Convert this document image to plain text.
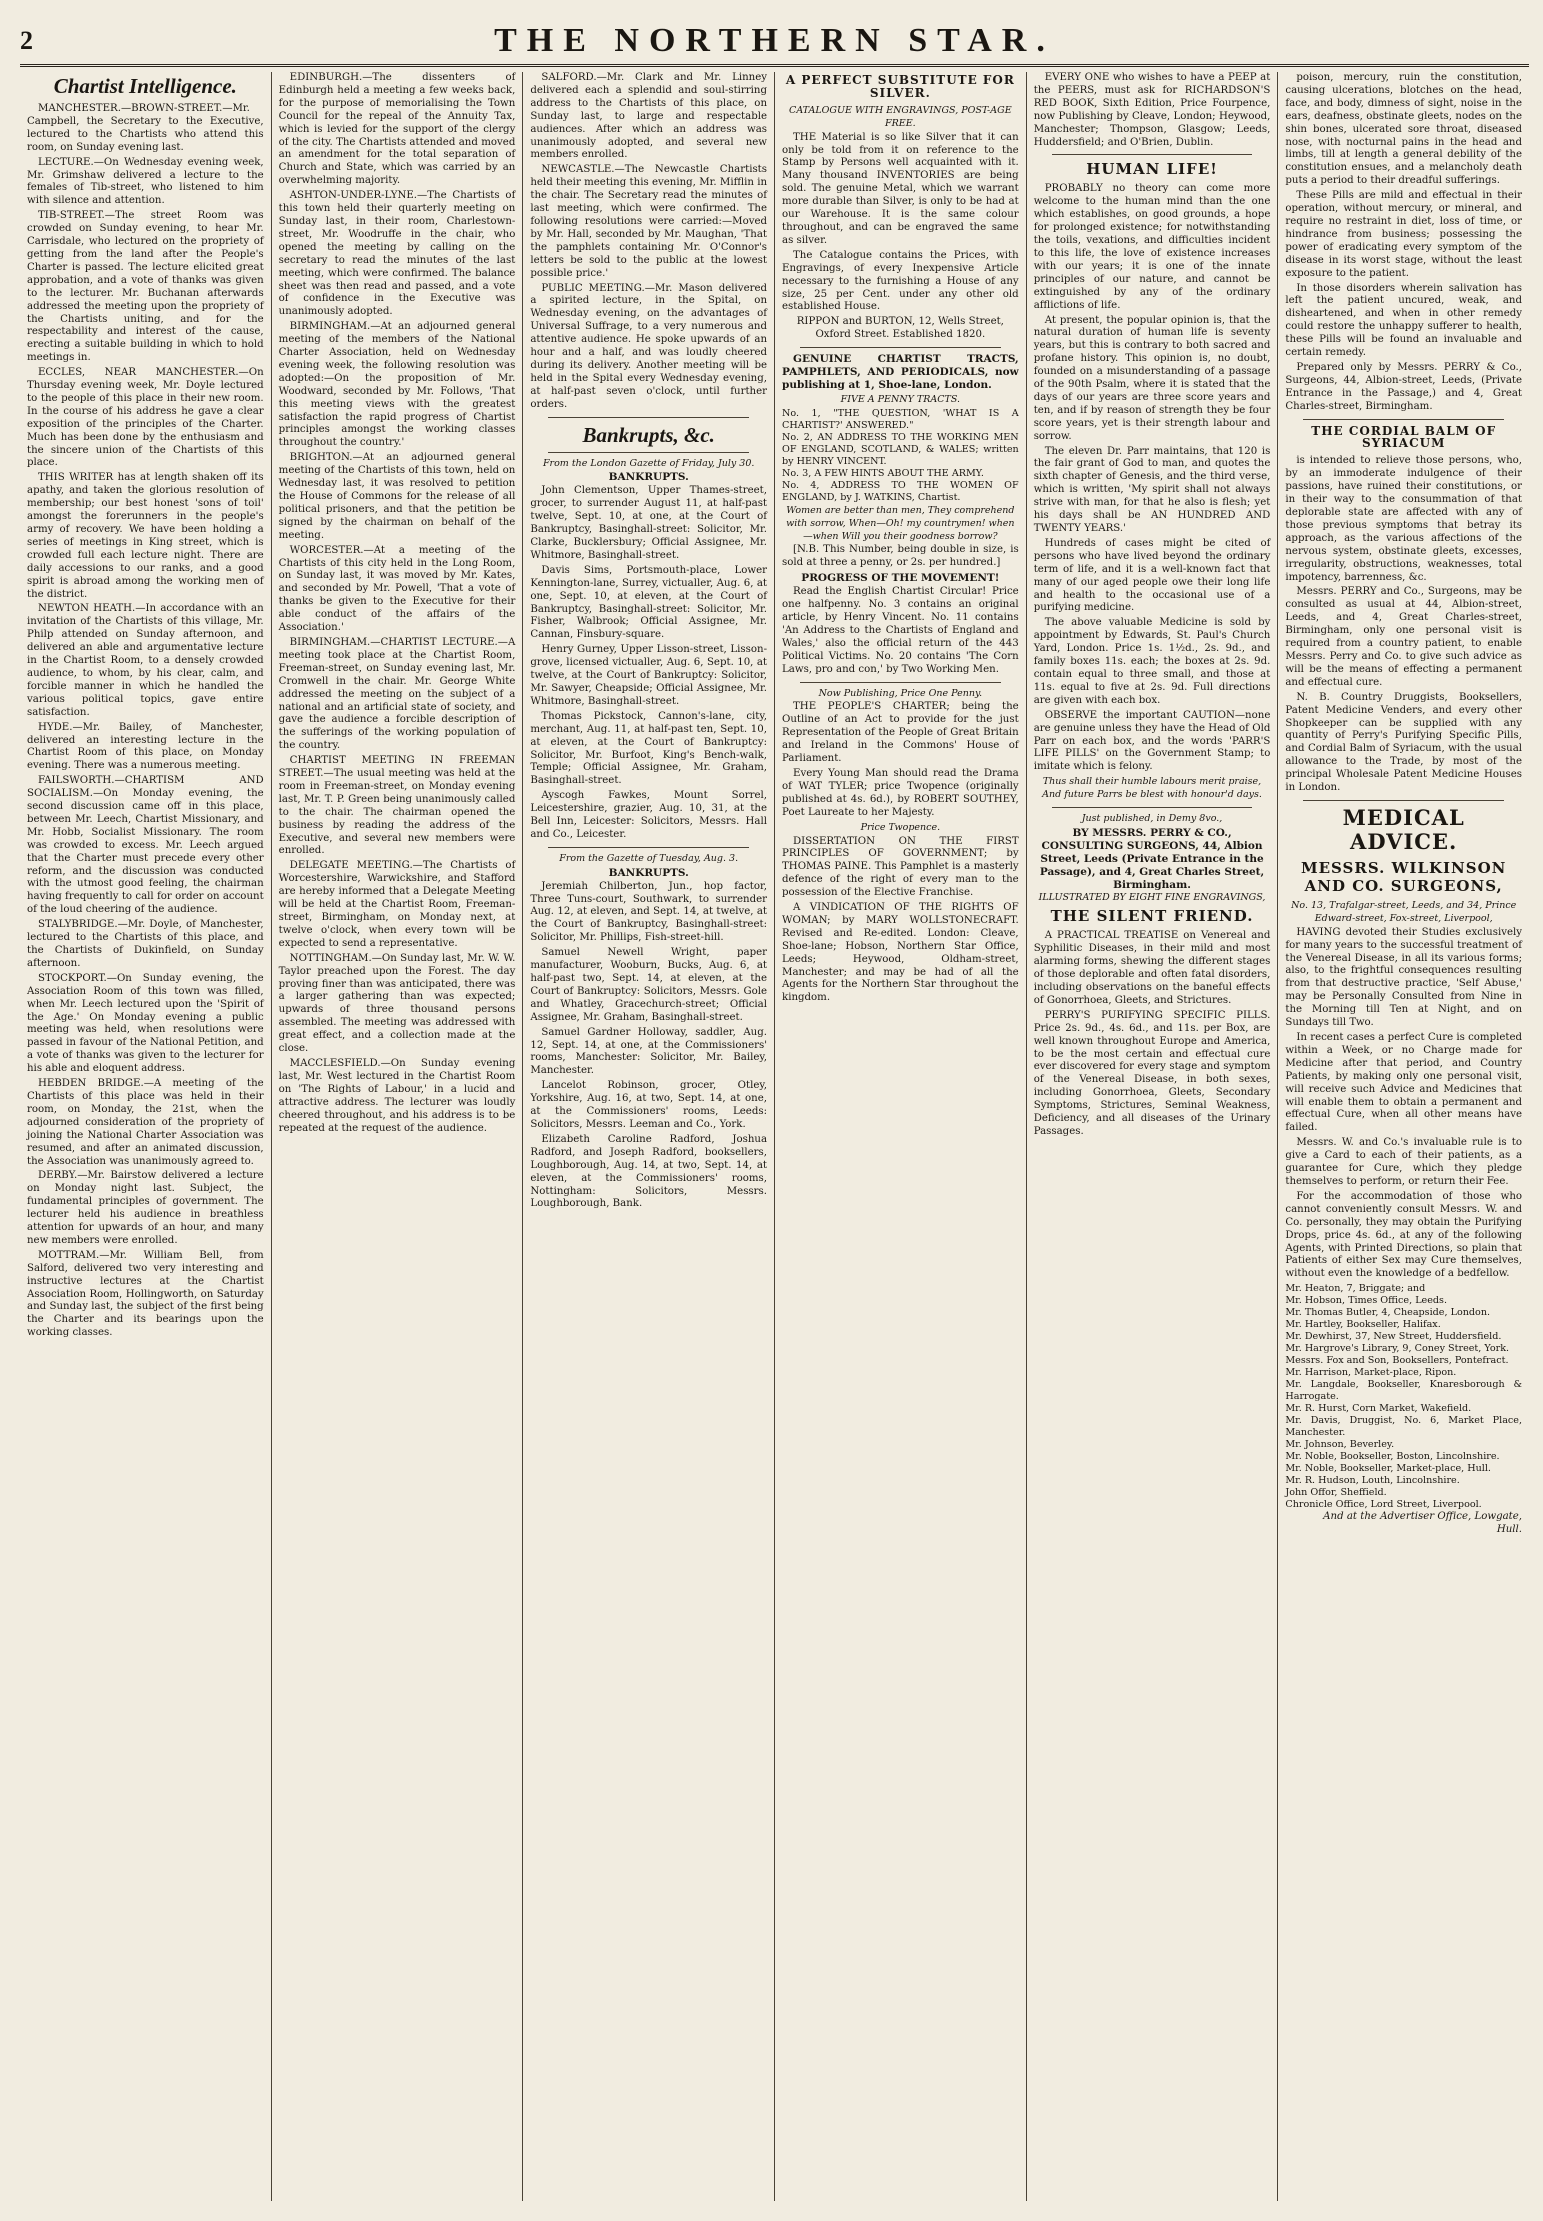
2	THE NORTHERN STAR.
Chartist Intelligence.

MANCHESTER.—BROWN-STREET.—Mr. Campbell, the Secretary to the Executive, lectured to the Chartists who attend this room, on Sunday evening last.

LECTURE.—On Wednesday evening week, Mr. Grimshaw delivered a lecture to the females of Tib-street, who listened to him with silence and attention.

TIB-STREET.—The street Room was crowded on Sunday evening, to hear Mr. Carrisdale, who lectured on the propriety of getting from the land after the People's Charter is passed. The lecture elicited great approbation, and a vote of thanks was given to the lecturer. Mr. Buchanan afterwards addressed the meeting upon the propriety of the Chartists uniting, and for the respectability and interest of the cause, erecting a suitable building in which to hold meetings in.

ECCLES, NEAR MANCHESTER.—On Thursday evening week, Mr. Doyle lectured to the people of this place in their new room. In the course of his address he gave a clear exposition of the principles of the Charter. Much has been done by the enthusiasm and the sincere union of the Chartists of this place.

THIS WRITER has at length shaken off its apathy, and taken the glorious resolution of membership; our best honest 'sons of toil' amongst the forerunners in the people's army of recovery. We have been holding a series of meetings in King street, which is crowded full each lecture night. There are daily accessions to our ranks, and a good spirit is abroad among the working men of the district.

NEWTON HEATH.—In accordance with an invitation of the Chartists of this village, Mr. Philp attended on Sunday afternoon, and delivered an able and argumentative lecture in the Chartist Room, to a densely crowded audience, to whom, by his clear, calm, and forcible manner in which he handled the various political topics, gave entire satisfaction.

HYDE.—Mr. Bailey, of Manchester, delivered an interesting lecture in the Chartist Room of this place, on Monday evening. There was a numerous meeting.

FAILSWORTH.—CHARTISM AND SOCIALISM.—On Monday evening, the second discussion came off in this place, between Mr. Leech, Chartist Missionary, and Mr. Hobb, Socialist Missionary. The room was crowded to excess. Mr. Leech argued that the Charter must precede every other reform, and the discussion was conducted with the utmost good feeling, the chairman having frequently to call for order on account of the loud cheering of the audience.

STALYBRIDGE.—Mr. Doyle, of Manchester, lectured to the Chartists of this place, and the Chartists of Dukinfield, on Sunday afternoon.

STOCKPORT.—On Sunday evening, the Association Room of this town was filled, when Mr. Leech lectured upon the 'Spirit of the Age.' On Monday evening a public meeting was held, when resolutions were passed in favour of the National Petition, and a vote of thanks was given to the lecturer for his able and eloquent address.

HEBDEN BRIDGE.—A meeting of the Chartists of this place was held in their room, on Monday, the 21st, when the adjourned consideration of the propriety of joining the National Charter Association was resumed, and after an animated discussion, the Association was unanimously agreed to.

DERBY.—Mr. Bairstow delivered a lecture on Monday night last. Subject, the fundamental principles of government. The lecturer held his audience in breathless attention for upwards of an hour, and many new members were enrolled.

MOTTRAM.—Mr. William Bell, from Salford, delivered two very interesting and instructive lectures at the Chartist Association Room, Hollingworth, on Saturday and Sunday last, the subject of the first being the Charter and its bearings upon the working classes.

EDINBURGH.—The dissenters of Edinburgh held a meeting a few weeks back, for the purpose of memorialising the Town Council for the repeal of the Annuity Tax, which is levied for the support of the clergy of the city. The Chartists attended and moved an amendment for the total separation of Church and State, which was carried by an overwhelming majority.

ASHTON-UNDER-LYNE.—The Chartists of this town held their quarterly meeting on Sunday last, in their room, Charlestown-street, Mr. Woodruffe in the chair, who opened the meeting by calling on the secretary to read the minutes of the last meeting, which were confirmed. The balance sheet was then read and passed, and a vote of confidence in the Executive was unanimously adopted.

BIRMINGHAM.—At an adjourned general meeting of the members of the National Charter Association, held on Wednesday evening week, the following resolution was adopted:—On the proposition of Mr. Woodward, seconded by Mr. Follows, 'That this meeting views with the greatest satisfaction the rapid progress of Chartist principles amongst the working classes throughout the country.'

BRIGHTON.—At an adjourned general meeting of the Chartists of this town, held on Wednesday last, it was resolved to petition the House of Commons for the release of all political prisoners, and that the petition be signed by the chairman on behalf of the meeting.

WORCESTER.—At a meeting of the Chartists of this city held in the Long Room, on Sunday last, it was moved by Mr. Kates, and seconded by Mr. Powell, 'That a vote of thanks be given to the Executive for their able conduct of the affairs of the Association.'

BIRMINGHAM.—CHARTIST LECTURE.—A meeting took place at the Chartist Room, Freeman-street, on Sunday evening last, Mr. Cromwell in the chair. Mr. George White addressed the meeting on the subject of a national and an artificial state of society, and gave the audience a forcible description of the sufferings of the working population of the country.

CHARTIST MEETING IN FREEMAN STREET.—The usual meeting was held at the room in Freeman-street, on Monday evening last, Mr. T. P. Green being unanimously called to the chair. The chairman opened the business by reading the address of the Executive, and several new members were enrolled.

DELEGATE MEETING.—The Chartists of Worcestershire, Warwickshire, and Stafford are hereby informed that a Delegate Meeting will be held at the Chartist Room, Freeman-street, Birmingham, on Monday next, at twelve o'clock, when every town will be expected to send a representative.

NOTTINGHAM.—On Sunday last, Mr. W. W. Taylor preached upon the Forest. The day proving finer than was anticipated, there was a larger gathering than was expected; upwards of three thousand persons assembled. The meeting was addressed with great effect, and a collection made at the close.

MACCLESFIELD.—On Sunday evening last, Mr. West lectured in the Chartist Room on 'The Rights of Labour,' in a lucid and attractive address. The lecturer was loudly cheered throughout, and his address is to be repeated at the request of the audience.

SALFORD.—Mr. Clark and Mr. Linney delivered each a splendid and soul-stirring address to the Chartists of this place, on Sunday last, to large and respectable audiences. After which an address was unanimously adopted, and several new members enrolled.

NEWCASTLE.—The Newcastle Chartists held their meeting this evening, Mr. Mifflin in the chair. The Secretary read the minutes of last meeting, which were confirmed. The following resolutions were carried:—Moved by Mr. Hall, seconded by Mr. Maughan, 'That the pamphlets containing Mr. O'Connor's letters be sold to the public at the lowest possible price.'

PUBLIC MEETING.—Mr. Mason delivered a spirited lecture, in the Spital, on Wednesday evening, on the advantages of Universal Suffrage, to a very numerous and attentive audience. He spoke upwards of an hour and a half, and was loudly cheered during its delivery. Another meeting will be held in the Spital every Wednesday evening, at half-past seven o'clock, until further orders.

Bankrupts, &c.

From the London Gazette of Friday, July 30.

BANKRUPTS.

John Clementson, Upper Thames-street, grocer, to surrender August 11, at half-past twelve, Sept. 10, at one, at the Court of Bankruptcy, Basinghall-street: Solicitor, Mr. Clarke, Bucklersbury; Official Assignee, Mr. Whitmore, Basinghall-street.

Davis Sims, Portsmouth-place, Lower Kennington-lane, Surrey, victualler, Aug. 6, at one, Sept. 10, at eleven, at the Court of Bankruptcy, Basinghall-street: Solicitor, Mr. Fisher, Walbrook; Official Assignee, Mr. Cannan, Finsbury-square.

Henry Gurney, Upper Lisson-street, Lisson-grove, licensed victualler, Aug. 6, Sept. 10, at twelve, at the Court of Bankruptcy: Solicitor, Mr. Sawyer, Cheapside; Official Assignee, Mr. Whitmore, Basinghall-street.

Thomas Pickstock, Cannon's-lane, city, merchant, Aug. 11, at half-past ten, Sept. 10, at eleven, at the Court of Bankruptcy: Solicitor, Mr. Burfoot, King's Bench-walk, Temple; Official Assignee, Mr. Graham, Basinghall-street.

Ayscogh Fawkes, Mount Sorrel, Leicestershire, grazier, Aug. 10, 31, at the Bell Inn, Leicester: Solicitors, Messrs. Hall and Co., Leicester.

From the Gazette of Tuesday, Aug. 3.

BANKRUPTS.

Jeremiah Chilberton, Jun., hop factor, Three Tuns-court, Southwark, to surrender Aug. 12, at eleven, and Sept. 14, at twelve, at the Court of Bankruptcy, Basinghall-street: Solicitor, Mr. Phillips, Fish-street-hill.

Samuel Newell Wright, paper manufacturer, Wooburn, Bucks, Aug. 6, at half-past two, Sept. 14, at eleven, at the Court of Bankruptcy: Solicitors, Messrs. Gole and Whatley, Gracechurch-street; Official Assignee, Mr. Graham, Basinghall-street.

Samuel Gardner Holloway, saddler, Aug. 12, Sept. 14, at one, at the Commissioners' rooms, Manchester: Solicitor, Mr. Bailey, Manchester.

Lancelot Robinson, grocer, Otley, Yorkshire, Aug. 16, at two, Sept. 14, at one, at the Commissioners' rooms, Leeds: Solicitors, Messrs. Leeman and Co., York.

Elizabeth Caroline Radford, Joshua Radford, and Joseph Radford, booksellers, Loughborough, Aug. 14, at two, Sept. 14, at eleven, at the Commissioners' rooms, Nottingham: Solicitors, Messrs. Loughborough, Bank.

A PERFECT SUBSTITUTE FOR SILVER.

CATALOGUE WITH ENGRAVINGS, POST-AGE FREE.

THE Material is so like Silver that it can only be told from it on reference to the Stamp by Persons well acquainted with it. Many thousand INVENTORIES are being sold. The genuine Metal, which we warrant more durable than Silver, is only to be had at our Warehouse. It is the same colour throughout, and can be engraved the same as silver.

The Catalogue contains the Prices, with Engravings, of every Inexpensive Article necessary to the furnishing a House of any size, 25 per Cent. under any other old established House.

RIPPON and BURTON, 12, Wells Street, Oxford Street. Established 1820.

GENUINE CHARTIST TRACTS, PAMPHLETS, AND PERIODICALS, now publishing at 1, Shoe-lane, London.

FIVE A PENNY TRACTS.

No. 1, "THE QUESTION, 'WHAT IS A CHARTIST?' ANSWERED."
No. 2, AN ADDRESS TO THE WORKING MEN OF ENGLAND, SCOTLAND, & WALES; written by HENRY VINCENT.
No. 3, A FEW HINTS ABOUT THE ARMY.
No. 4, ADDRESS TO THE WOMEN OF ENGLAND, by J. WATKINS, Chartist.

Women are better than men, They comprehend with sorrow, When—Oh! my countrymen! when—when Will you their goodness borrow?

[N.B. This Number, being double in size, is sold at three a penny, or 2s. per hundred.]

PROGRESS OF THE MOVEMENT!

Read the English Chartist Circular! Price one halfpenny. No. 3 contains an original article, by Henry Vincent. No. 11 contains 'An Address to the Chartists of England and Wales,' also the official return of the 443 Political Victims. No. 20 contains 'The Corn Laws, pro and con,' by Two Working Men.

Now Publishing, Price One Penny.

THE PEOPLE'S CHARTER; being the Outline of an Act to provide for the just Representation of the People of Great Britain and Ireland in the Commons' House of Parliament.

Every Young Man should read the Drama of WAT TYLER; price Twopence (originally published at 4s. 6d.), by ROBERT SOUTHEY, Poet Laureate to her Majesty.

Price Twopence.

DISSERTATION ON THE FIRST PRINCIPLES OF GOVERNMENT; by THOMAS PAINE. This Pamphlet is a masterly defence of the right of every man to the possession of the Elective Franchise.

A VINDICATION OF THE RIGHTS OF WOMAN; by MARY WOLLSTONECRAFT. Revised and Re-edited. London: Cleave, Shoe-lane; Hobson, Northern Star Office, Leeds; Heywood, Oldham-street, Manchester; and may be had of all the Agents for the Northern Star throughout the kingdom.

EVERY ONE who wishes to have a PEEP at the PEERS, must ask for RICHARDSON'S RED BOOK, Sixth Edition, Price Fourpence, now Publishing by Cleave, London; Heywood, Manchester; Thompson, Glasgow; Leeds, Huddersfield; and O'Brien, Dublin.

HUMAN LIFE!

PROBABLY no theory can come more welcome to the human mind than the one which establishes, on good grounds, a hope for prolonged existence; for notwithstanding the toils, vexations, and difficulties incident to this life, the love of existence increases with our years; it is one of the innate principles of our nature, and cannot be extinguished by any of the ordinary afflictions of life.

At present, the popular opinion is, that the natural duration of human life is seventy years, but this is contrary to both sacred and profane history. This opinion is, no doubt, founded on a misunderstanding of a passage of the 90th Psalm, where it is stated that the days of our years are three score years and ten, and if by reason of strength they be four score years, yet is their strength labour and sorrow.

The eleven Dr. Parr maintains, that 120 is the fair grant of God to man, and quotes the sixth chapter of Genesis, and the third verse, which is written, 'My spirit shall not always strive with man, for that he also is flesh; yet his days shall be AN HUNDRED AND TWENTY YEARS.'

Hundreds of cases might be cited of persons who have lived beyond the ordinary term of life, and it is a well-known fact that many of our aged people owe their long life and health to the occasional use of a purifying medicine.

The above valuable Medicine is sold by appointment by Edwards, St. Paul's Church Yard, London. Price 1s. 1½d., 2s. 9d., and family boxes 11s. each; the boxes at 2s. 9d. contain equal to three small, and those at 11s. equal to five at 2s. 9d. Full directions are given with each box.

OBSERVE the important CAUTION—none are genuine unless they have the Head of Old Parr on each box, and the words 'PARR'S LIFE PILLS' on the Government Stamp; to imitate which is felony.

Thus shall their humble labours merit praise, And future Parrs be blest with honour'd days.

Just published, in Demy 8vo.,

BY MESSRS. PERRY & CO., CONSULTING SURGEONS, 44, Albion Street, Leeds (Private Entrance in the Passage), and 4, Great Charles Street, Birmingham.

ILLUSTRATED BY EIGHT FINE ENGRAVINGS,

THE SILENT FRIEND.

A PRACTICAL TREATISE on Venereal and Syphilitic Diseases, in their mild and most alarming forms, shewing the different stages of those deplorable and often fatal disorders, including observations on the baneful effects of Gonorrhoea, Gleets, and Strictures.

PERRY'S PURIFYING SPECIFIC PILLS. Price 2s. 9d., 4s. 6d., and 11s. per Box, are well known throughout Europe and America, to be the most certain and effectual cure ever discovered for every stage and symptom of the Venereal Disease, in both sexes, including Gonorrhoea, Gleets, Secondary Symptoms, Strictures, Seminal Weakness, Deficiency, and all diseases of the Urinary Passages.

poison, mercury, ruin the constitution, causing ulcerations, blotches on the head, face, and body, dimness of sight, noise in the ears, deafness, obstinate gleets, nodes on the shin bones, ulcerated sore throat, diseased nose, with nocturnal pains in the head and limbs, till at length a general debility of the constitution ensues, and a melancholy death puts a period to their dreadful sufferings.

These Pills are mild and effectual in their operation, without mercury, or mineral, and require no restraint in diet, loss of time, or hindrance from business; possessing the power of eradicating every symptom of the disease in its worst stage, without the least exposure to the patient.

In those disorders wherein salivation has left the patient uncured, weak, and disheartened, and when in other remedy could restore the unhappy sufferer to health, these Pills will be found an invaluable and certain remedy.

Prepared only by Messrs. PERRY & Co., Surgeons, 44, Albion-street, Leeds, (Private Entrance in the Passage,) and 4, Great Charles-street, Birmingham.

THE CORDIAL BALM OF SYRIACUM

is intended to relieve those persons, who, by an immoderate indulgence of their passions, have ruined their constitutions, or in their way to the consummation of that deplorable state are affected with any of those previous symptoms that betray its approach, as the various affections of the nervous system, obstinate gleets, excesses, irregularity, obstructions, weaknesses, total impotency, barrenness, &c.

Messrs. PERRY and Co., Surgeons, may be consulted as usual at 44, Albion-street, Leeds, and 4, Great Charles-street, Birmingham, only one personal visit is required from a country patient, to enable Messrs. Perry and Co. to give such advice as will be the means of effecting a permanent and effectual cure.

N. B. Country Druggists, Booksellers, Patent Medicine Venders, and every other Shopkeeper can be supplied with any quantity of Perry's Purifying Specific Pills, and Cordial Balm of Syriacum, with the usual allowance to the Trade, by most of the principal Wholesale Patent Medicine Houses in London.

MEDICAL ADVICE.
MESSRS. WILKINSON AND CO. SURGEONS,

No. 13, Trafalgar-street, Leeds, and 34, Prince Edward-street, Fox-street, Liverpool,

HAVING devoted their Studies exclusively for many years to the successful treatment of the Venereal Disease, in all its various forms; also, to the frightful consequences resulting from that destructive practice, 'Self Abuse,' may be Personally Consulted from Nine in the Morning till Ten at Night, and on Sundays till Two.

In recent cases a perfect Cure is completed within a Week, or no Charge made for Medicine after that period, and Country Patients, by making only one personal visit, will receive such Advice and Medicines that will enable them to obtain a permanent and effectual Cure, when all other means have failed.

Messrs. W. and Co.'s invaluable rule is to give a Card to each of their patients, as a guarantee for Cure, which they pledge themselves to perform, or return their Fee.

For the accommodation of those who cannot conveniently consult Messrs. W. and Co. personally, they may obtain the Purifying Drops, price 4s. 6d., at any of the following Agents, with Printed Directions, so plain that Patients of either Sex may Cure themselves, without even the knowledge of a bedfellow.

Mr. Heaton, 7, Briggate; and
Mr. Hobson, Times Office, Leeds.
Mr. Thomas Butler, 4, Cheapside, London.
Mr. Hartley, Bookseller, Halifax.
Mr. Dewhirst, 37, New Street, Huddersfield.
Mr. Hargrove's Library, 9, Coney Street, York.
Messrs. Fox and Son, Booksellers, Pontefract.
Mr. Harrison, Market-place, Ripon.
Mr. Langdale, Bookseller, Knaresborough & Harrogate.
Mr. R. Hurst, Corn Market, Wakefield.
Mr. Davis, Druggist, No. 6, Market Place, Manchester.
Mr. Johnson, Beverley.
Mr. Noble, Bookseller, Boston, Lincolnshire.
Mr. Noble, Bookseller, Market-place, Hull.
Mr. R. Hudson, Louth, Lincolnshire.
John Offor, Sheffield.
Chronicle Office, Lord Street, Liverpool.

And at the Advertiser Office, Lowgate, Hull.
